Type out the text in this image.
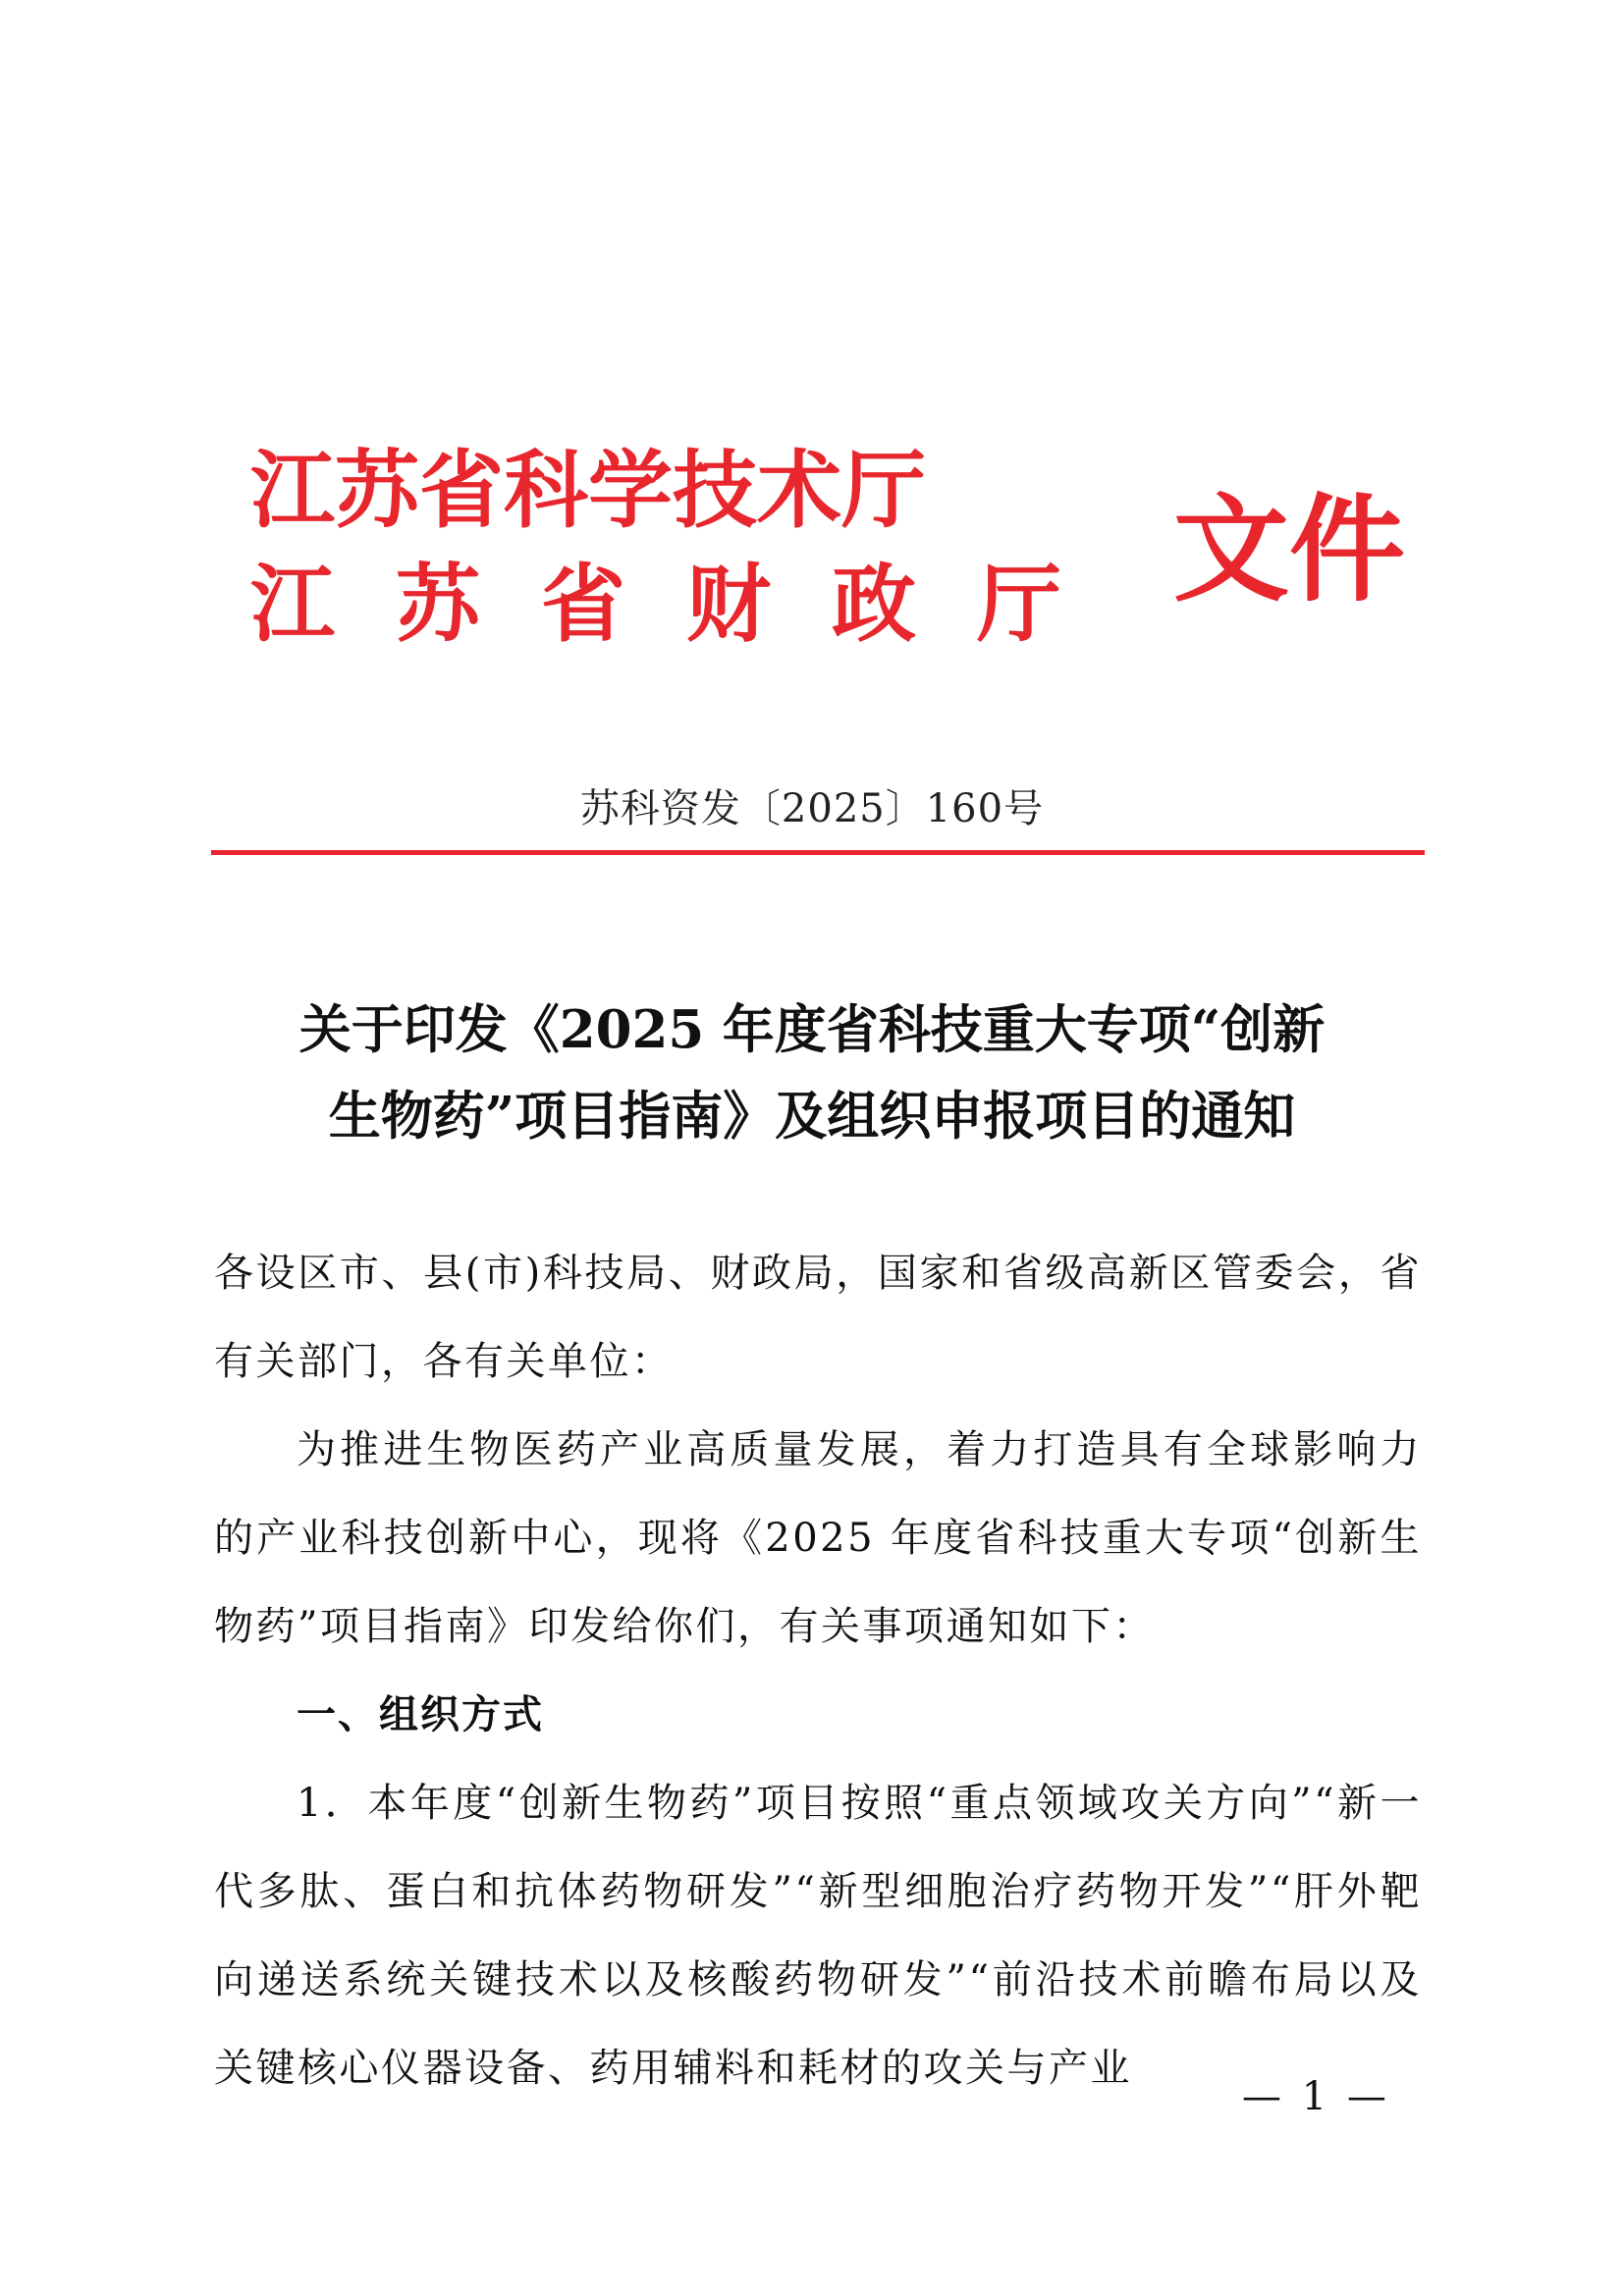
江苏省科学技术厅
江苏省财政厅 文件
苏科资发〔2025〕160号
关于印发《2025 年度省科技重大专项“创新
生物药”项目指南》及组织申报项目的通知

各设区市、县(市)科技局、财政局，国家和省级高新区管委会，省有关部门，各有关单位：

为推进生物医药产业高质量发展，着力打造具有全球影响力的产业科技创新中心，现将《2025 年度省科技重大专项“创新生物药”项目指南》印发给你们，有关事项通知如下：

一、组织方式

1．本年度“创新生物药”项目按照“重点领域攻关方向”“新一代多肽、蛋白和抗体药物研发”“新型细胞治疗药物开发”“肝外靶向递送系统关键技术以及核酸药物研发”“前沿技术前瞻布局以及关键核心仪器设备、药用辅料和耗材的攻关与产业

— 1 —
